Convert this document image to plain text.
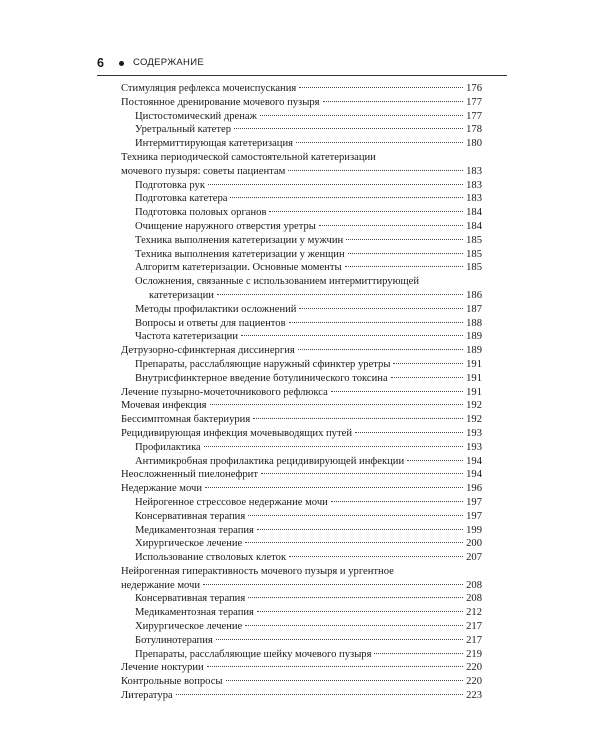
6	СОДЕРЖАНИЕ
Стимуляция рефлекса мочеиспускания	176
Постоянное дренирование мочевого пузыря	177
Цистостомический дренаж	177
Уретральный катетер	178
Интермиттирующая катетеризация	180
Техника периодической самостоятельной катетеризации
мочевого пузыря: советы пациентам	183
Подготовка рук	183
Подготовка катетера	183
Подготовка половых органов	184
Очищение наружного отверстия уретры	184
Техника выполнения катетеризации у мужчин	185
Техника выполнения катетеризации у женщин	185
Алгоритм катетеризации. Основные моменты	185
Осложнения, связанные с использованием интермиттирующей
катетеризации	186
Методы профилактики осложнений	187
Вопросы и ответы для пациентов	188
Частота катетеризации	189
Детрузорно-сфинктерная диссинергия	189
Препараты, расслабляющие наружный сфинктер уретры	191
Внутрисфинктерное введение ботулинического токсина	191
Лечение пузырно-мочеточникового рефлюкса	191
Мочевая инфекция	192
Бессимптомная бактериурия	192
Рецидивирующая инфекция мочевыводящих путей	193
Профилактика	193
Антимикробная профилактика рецидивирующей инфекции	194
Неосложненный пиелонефрит	194
Недержание мочи	196
Нейрогенное стрессовое недержание мочи	197
Консервативная терапия	197
Медикаментозная терапия	199
Хирургическое лечение	200
Использование стволовых клеток	207
Нейрогенная гиперактивность мочевого пузыря и ургентное
недержание мочи	208
Консервативная терапия	208
Медикаментозная терапия	212
Хирургическое лечение	217
Ботулинотерапия	217
Препараты, расслабляющие шейку мочевого пузыря	219
Лечение ноктурии	220
Контрольные вопросы	220
Литература	223
